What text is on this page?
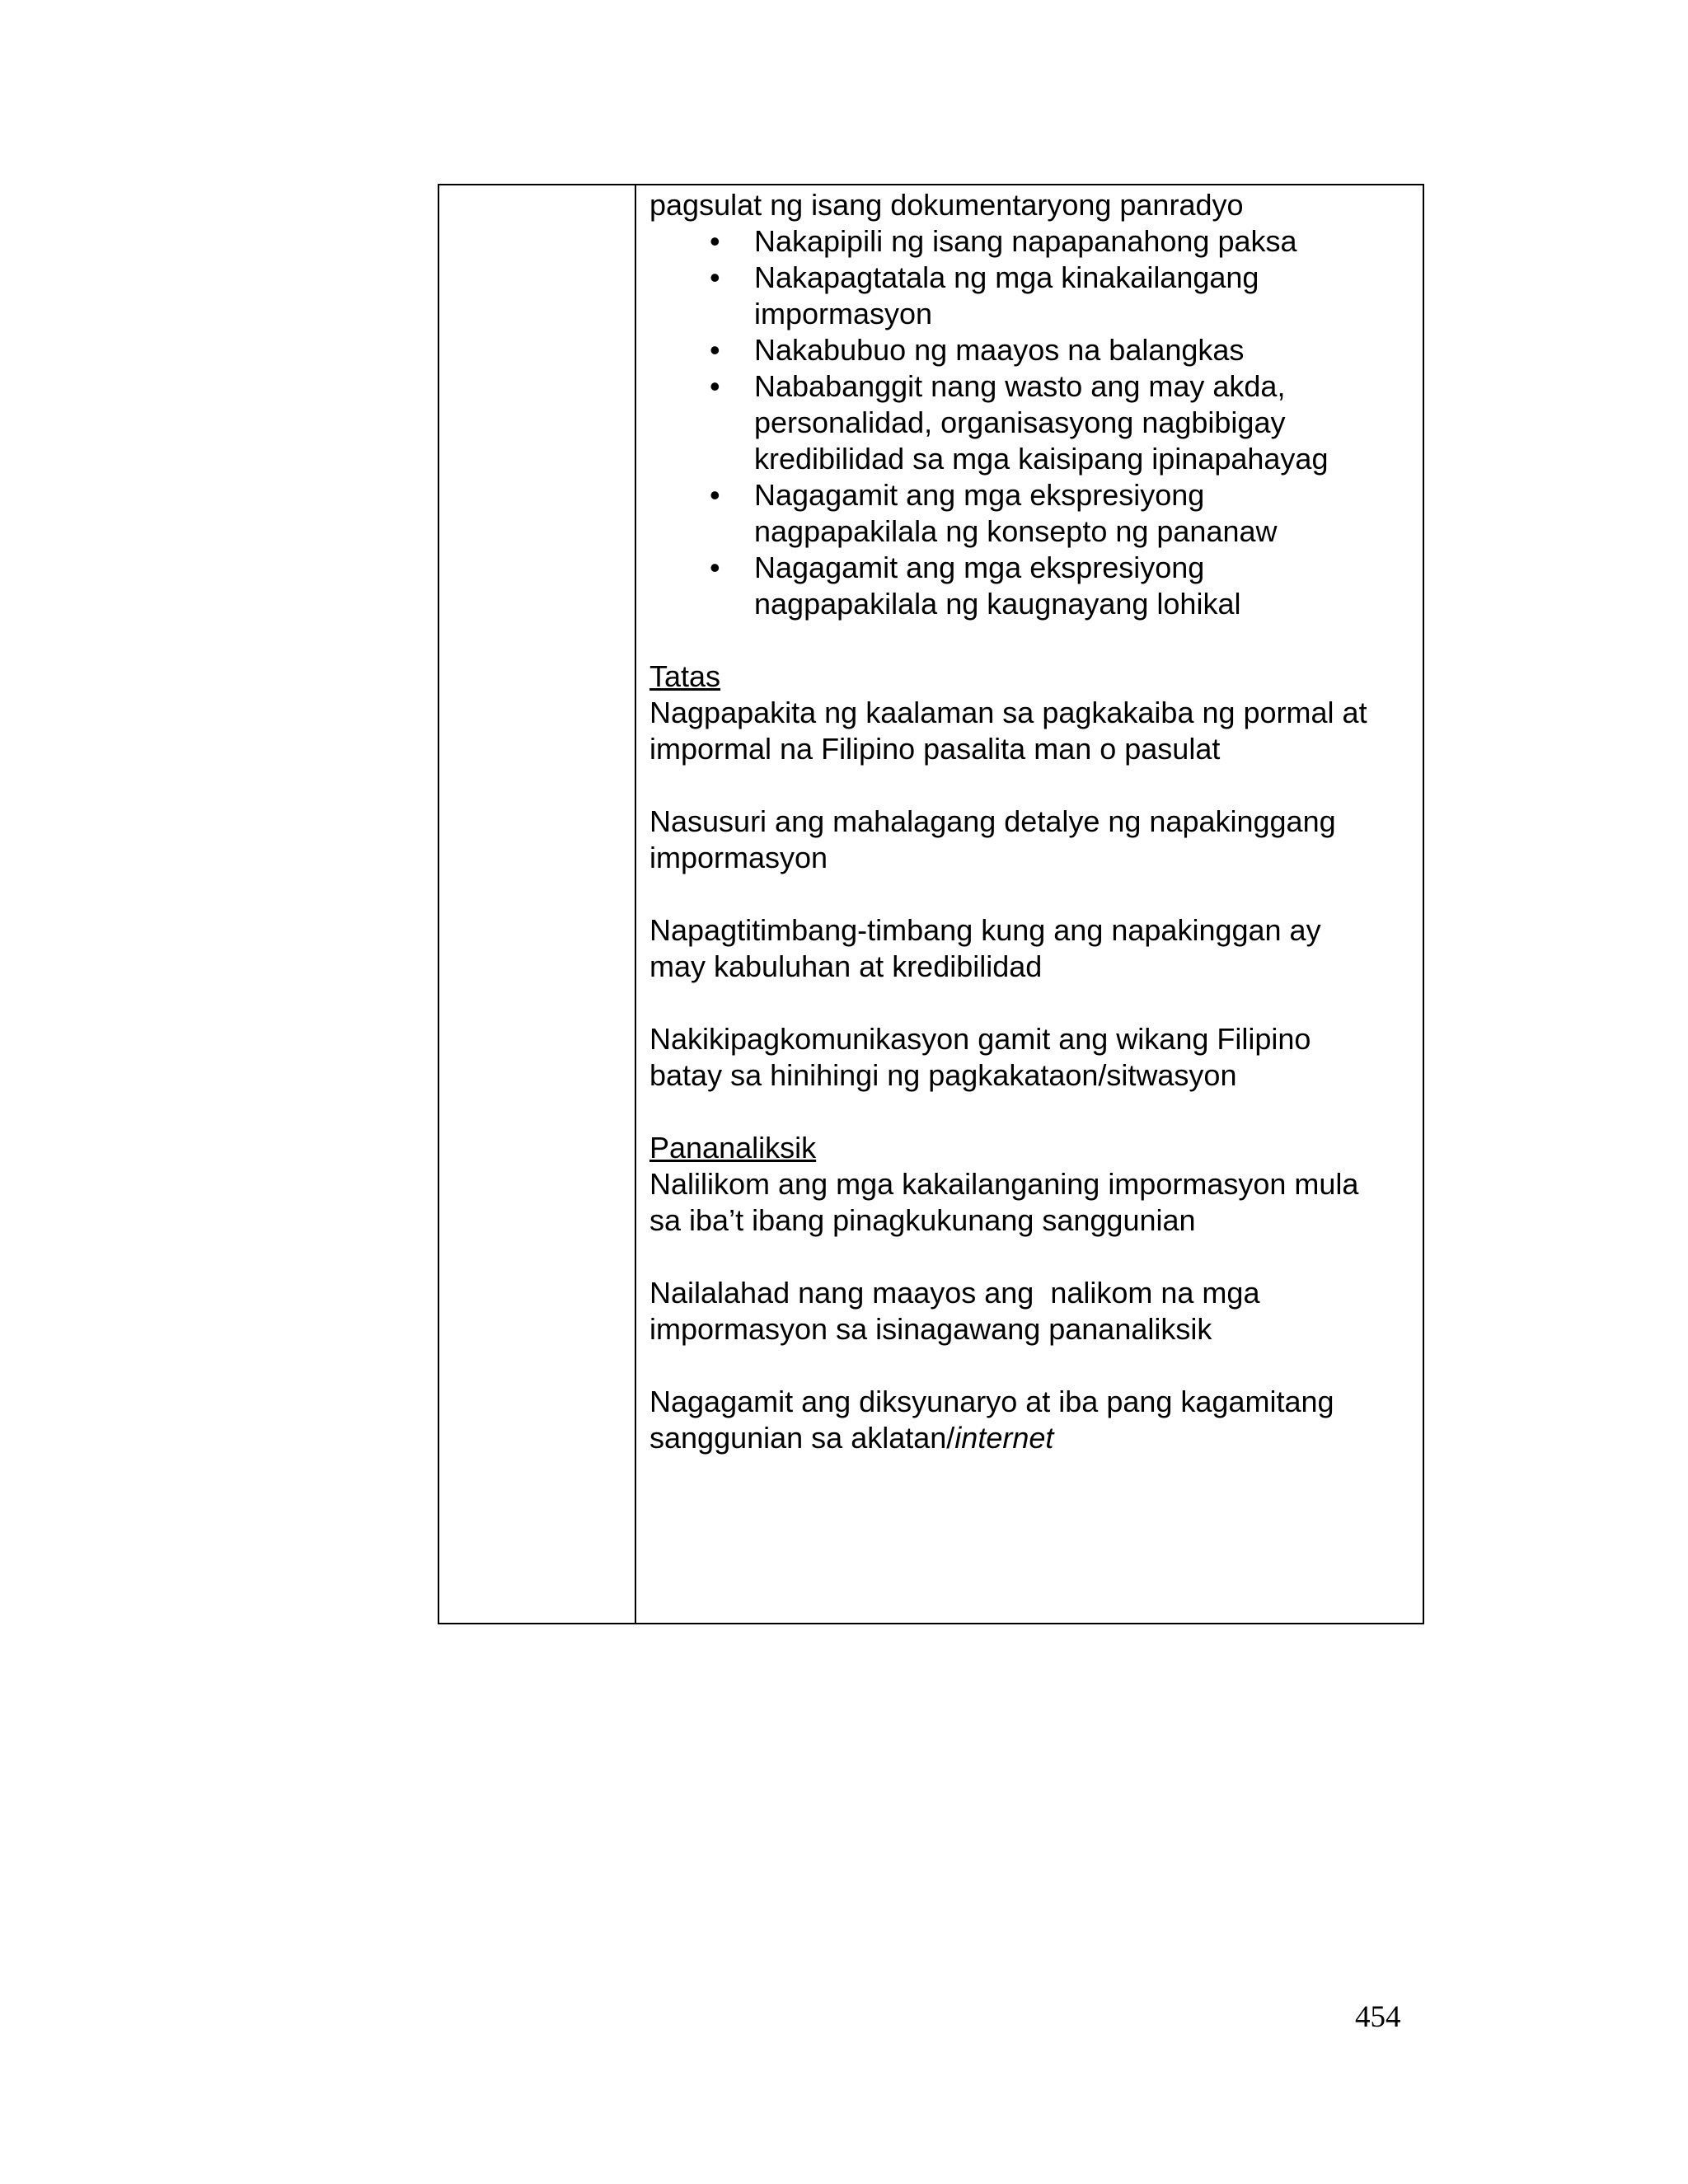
pagsulat ng isang dokumentaryong panradyo
• Nakapipili ng isang napapanahong paksa
• Nakapagtatala ng mga kinakailangang
impormasyon
• Nakabubuo ng maayos na balangkas
• Nababanggit nang wasto ang may akda,
personalidad, organisasyong nagbibigay
kredibilidad sa mga kaisipang ipinapahayag
• Nagagamit ang mga ekspresiyong
nagpapakilala ng konsepto ng pananaw
• Nagagamit ang mga ekspresiyong
nagpapakilala ng kaugnayang lohikal
Tatas
Nagpapakita ng kaalaman sa pagkakaiba ng pormal at
impormal na Filipino pasalita man o pasulat
Nasusuri ang mahalagang detalye ng napakinggang
impormasyon
Napagtitimbang-timbang kung ang napakinggan ay
may kabuluhan at kredibilidad
Nakikipagkomunikasyon gamit ang wikang Filipino
batay sa hinihingi ng pagkakataon/sitwasyon
Pananaliksik
Nalilikom ang mga kakailanganing impormasyon mula
sa iba’t ibang pinagkukunang sanggunian
Nailalahad nang maayos ang  nalikom na mga
impormasyon sa isinagawang pananaliksik
Nagagamit ang diksyunaryo at iba pang kagamitang
sanggunian sa aklatan/internet
454
